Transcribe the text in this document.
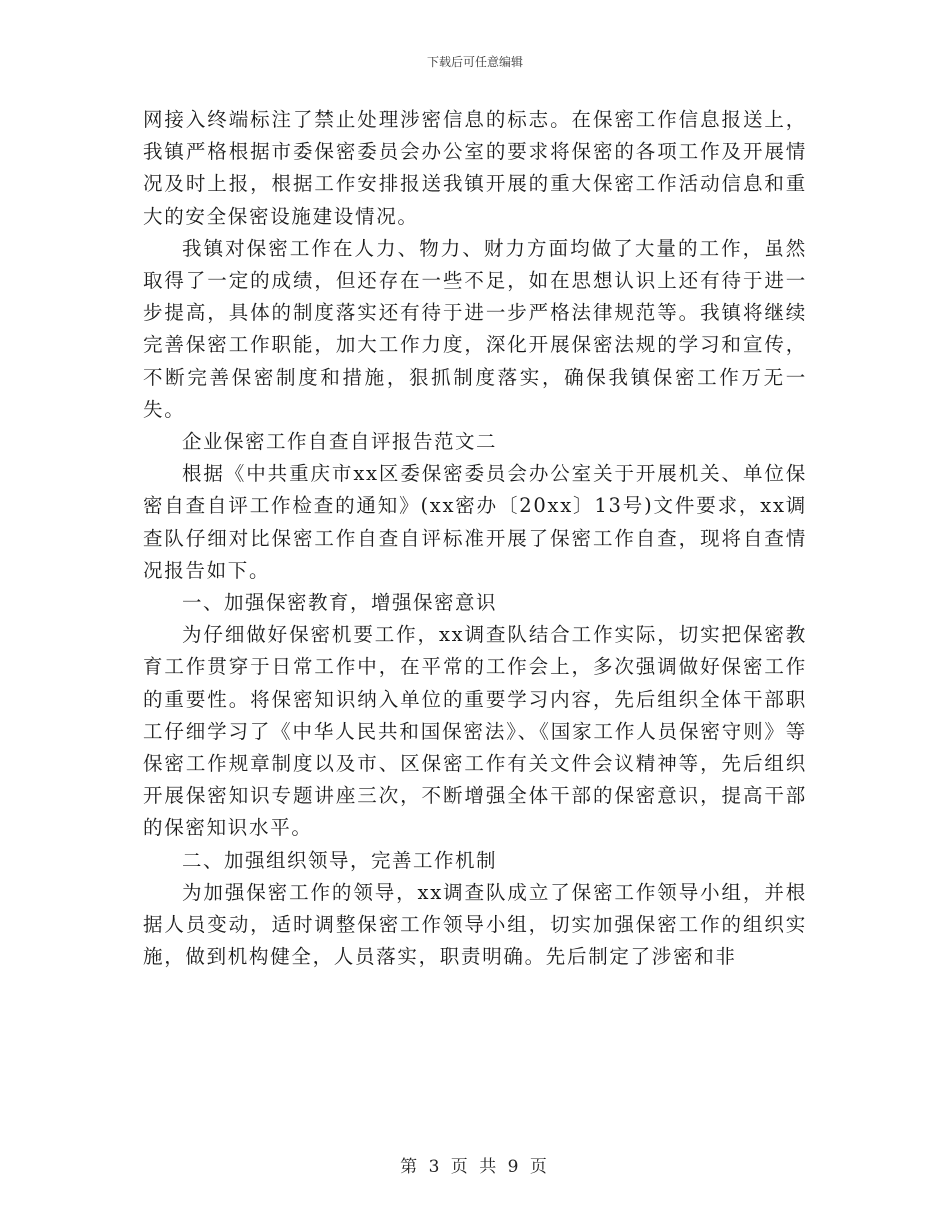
下载后可任意编辑

网接入终端标注了禁止处理涉密信息的标志。在保密工作信息报送上，我镇严格根据市委保密委员会办公室的要求将保密的各项工作及开展情况及时上报，根据工作安排报送我镇开展的重大保密工作活动信息和重大的安全保密设施建设情况。

我镇对保密工作在人力、物力、财力方面均做了大量的工作，虽然取得了一定的成绩，但还存在一些不足，如在思想认识上还有待于进一步提高，具体的制度落实还有待于进一步严格法律规范等。我镇将继续完善保密工作职能，加大工作力度，深化开展保密法规的学习和宣传，不断完善保密制度和措施，狠抓制度落实，确保我镇保密工作万无一失。

企业保密工作自查自评报告范文二

根据《中共重庆市xx区委保密委员会办公室关于开展机关、单位保密自查自评工作检查的通知》(xx密办〔20xx〕13号)文件要求，xx调查队仔细对比保密工作自查自评标准开展了保密工作自查，现将自查情况报告如下。

一、加强保密教育，增强保密意识

为仔细做好保密机要工作，xx调查队结合工作实际，切实把保密教育工作贯穿于日常工作中，在平常的工作会上，多次强调做好保密工作的重要性。将保密知识纳入单位的重要学习内容，先后组织全体干部职工仔细学习了《中华人民共和国保密法》、《国家工作人员保密守则》等保密工作规章制度以及市、区保密工作有关文件会议精神等，先后组织开展保密知识专题讲座三次，不断增强全体干部的保密意识，提高干部的保密知识水平。

二、加强组织领导，完善工作机制

为加强保密工作的领导，xx调查队成立了保密工作领导小组，并根据人员变动，适时调整保密工作领导小组，切实加强保密工作的组织实施，做到机构健全，人员落实，职责明确。先后制定了涉密和非

第 3 页 共 9 页
